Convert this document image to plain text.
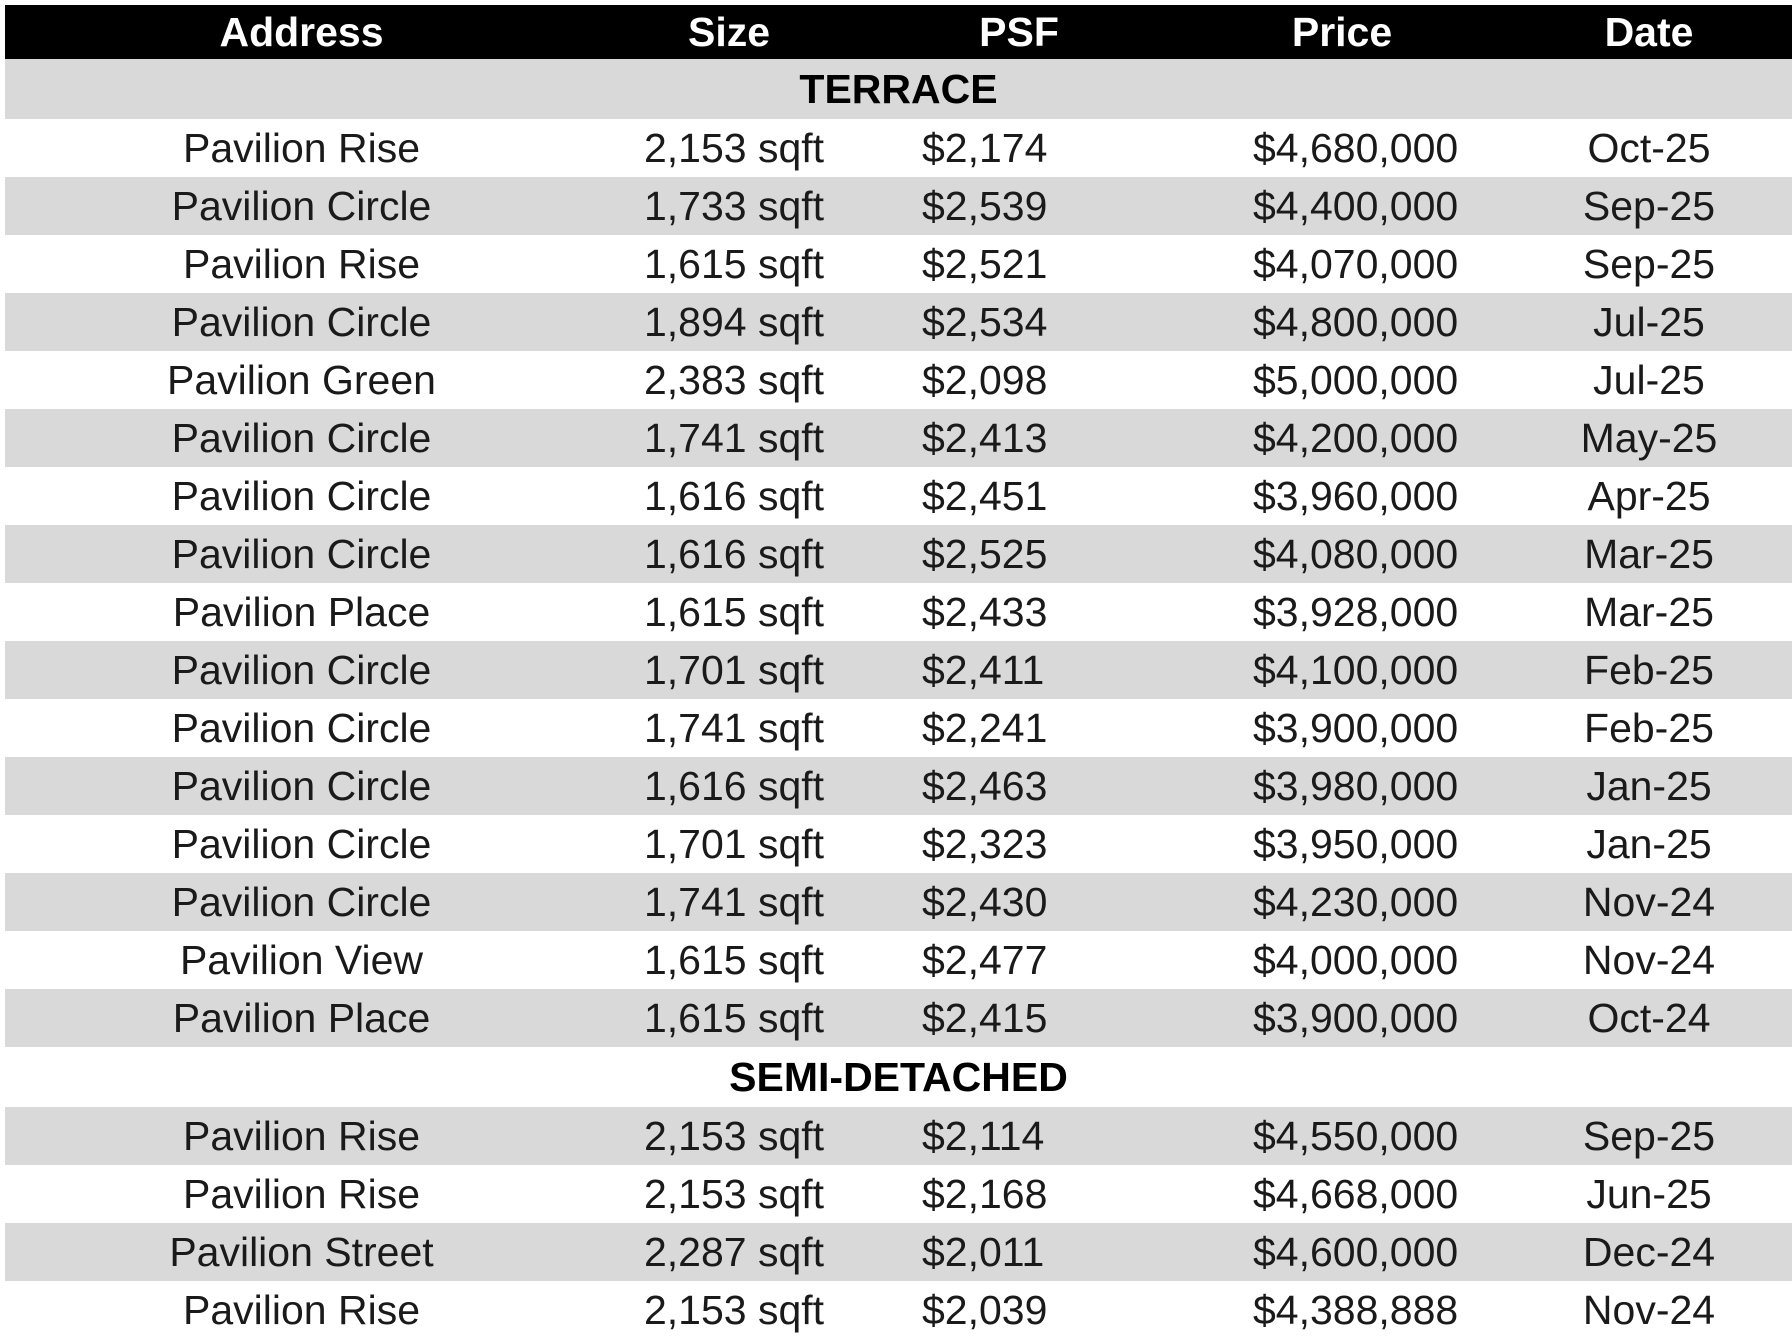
Address	Size	PSF	Price	Date
TERRACE				
Pavilion Rise	2,153 sqft	$2,174	$4,680,000	Oct-25
Pavilion Circle	1,733 sqft	$2,539	$4,400,000	Sep-25
Pavilion Rise	1,615 sqft	$2,521	$4,070,000	Sep-25
Pavilion Circle	1,894 sqft	$2,534	$4,800,000	Jul-25
Pavilion Green	2,383 sqft	$2,098	$5,000,000	Jul-25
Pavilion Circle	1,741 sqft	$2,413	$4,200,000	May-25
Pavilion Circle	1,616 sqft	$2,451	$3,960,000	Apr-25
Pavilion Circle	1,616 sqft	$2,525	$4,080,000	Mar-25
Pavilion Place	1,615 sqft	$2,433	$3,928,000	Mar-25
Pavilion Circle	1,701 sqft	$2,411	$4,100,000	Feb-25
Pavilion Circle	1,741 sqft	$2,241	$3,900,000	Feb-25
Pavilion Circle	1,616 sqft	$2,463	$3,980,000	Jan-25
Pavilion Circle	1,701 sqft	$2,323	$3,950,000	Jan-25
Pavilion Circle	1,741 sqft	$2,430	$4,230,000	Nov-24
Pavilion View	1,615 sqft	$2,477	$4,000,000	Nov-24
Pavilion Place	1,615 sqft	$2,415	$3,900,000	Oct-24
SEMI-DETACHED				
Pavilion Rise	2,153 sqft	$2,114	$4,550,000	Sep-25
Pavilion Rise	2,153 sqft	$2,168	$4,668,000	Jun-25
Pavilion Street	2,287 sqft	$2,011	$4,600,000	Dec-24
Pavilion Rise	2,153 sqft	$2,039	$4,388,888	Nov-24
